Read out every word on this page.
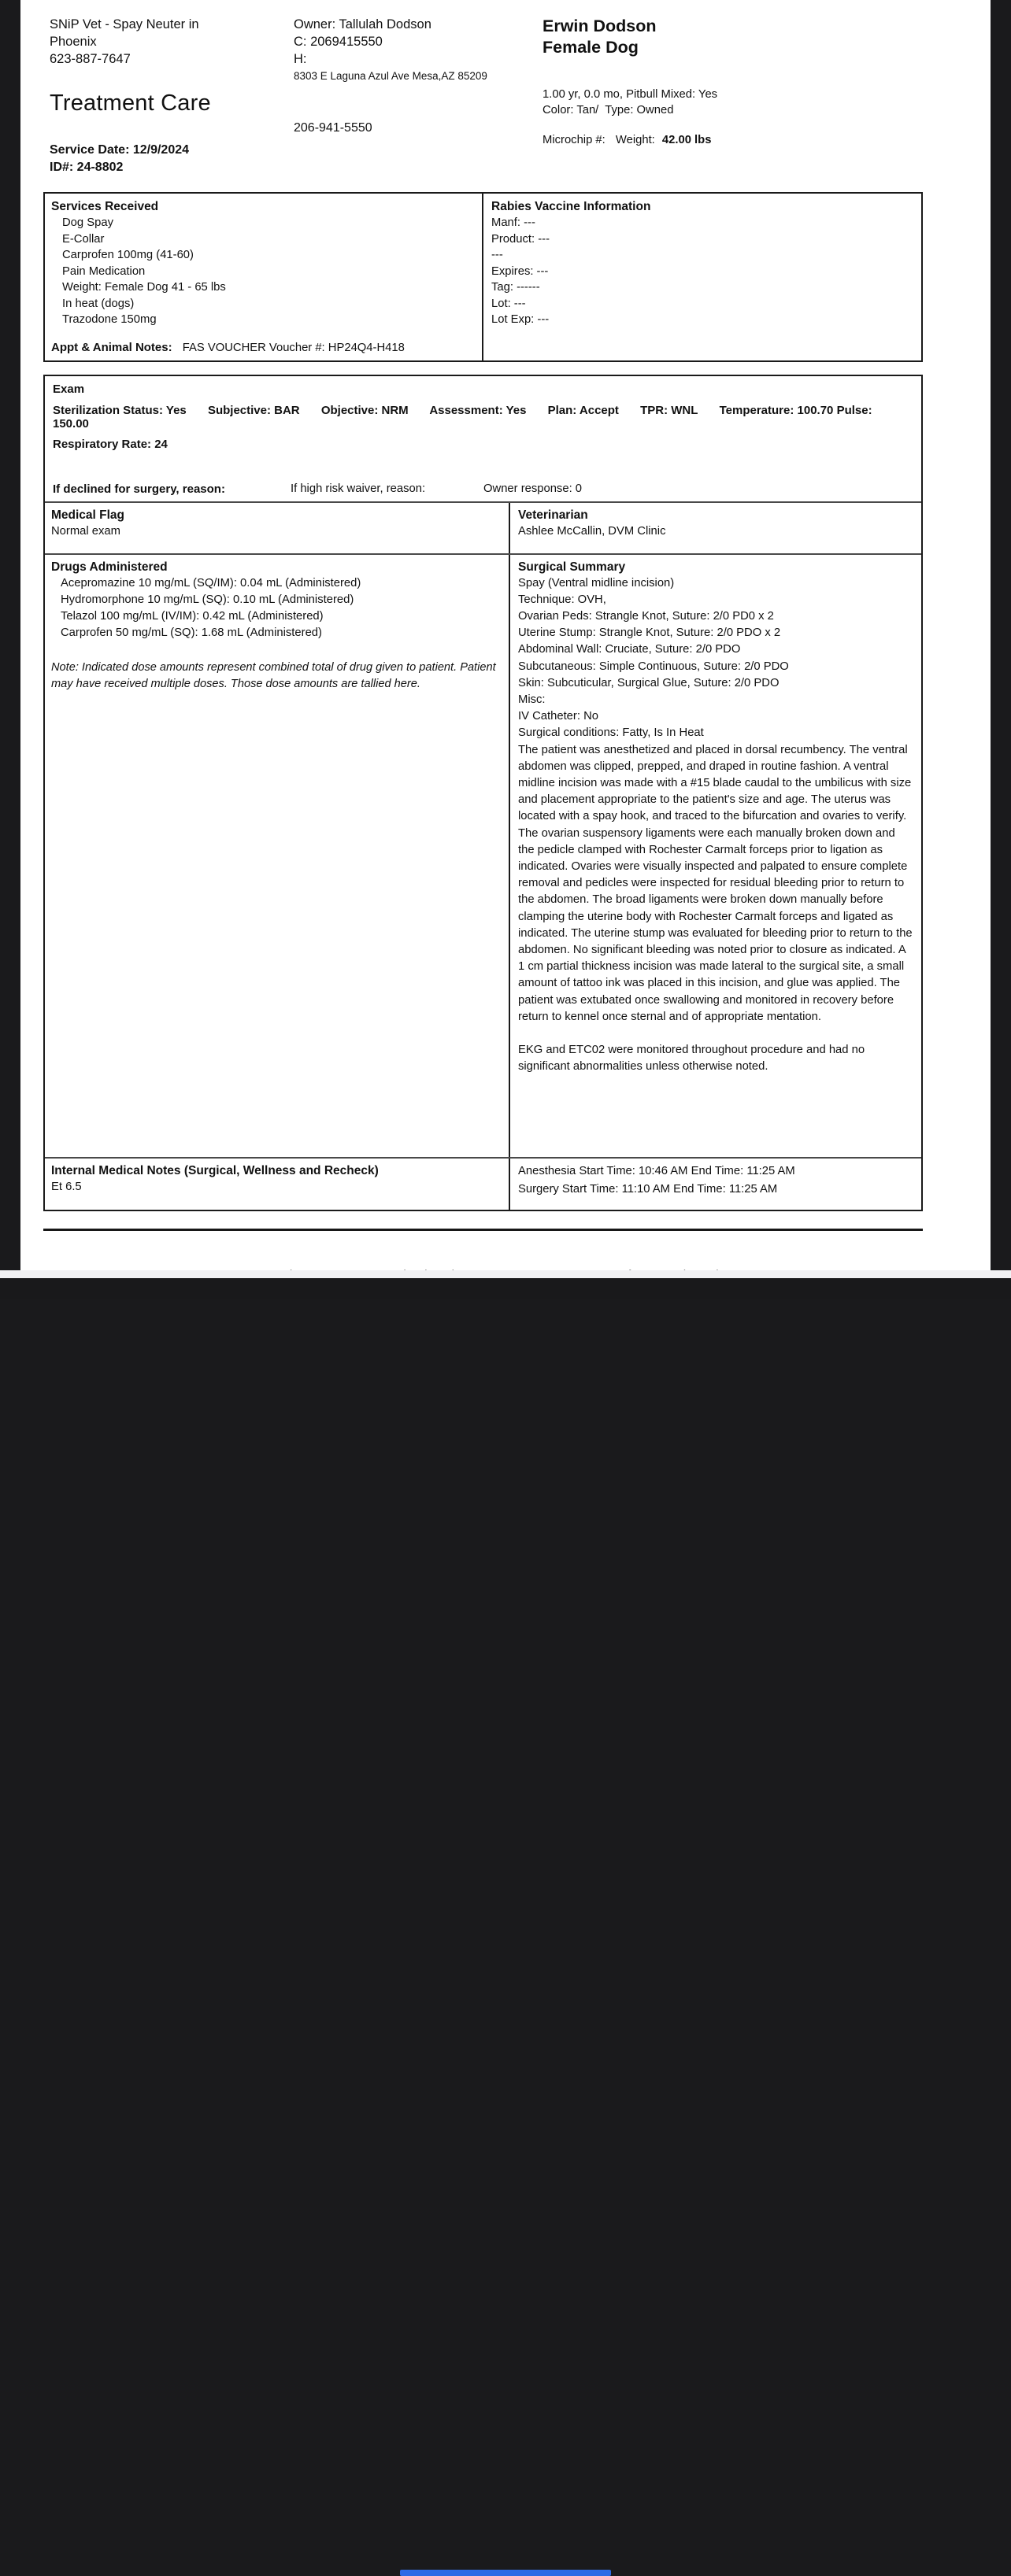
SNiP Vet - Spay Neuter in Phoenix
623-887-7647
Treatment Care
Service Date: 12/9/2024
ID#: 24-8802
Owner: Tallulah Dodson
C: 2069415550
H:
8303 E Laguna Azul Ave Mesa,AZ 85209
206-941-5550
Erwin Dodson
Female Dog
1.00 yr, 0.0 mo, Pitbull Mixed: Yes
Color: Tan/  Type: Owned
Microchip #: Weight: 42.00 lbs
Services Received
Dog Spay
E-Collar
Carprofen 100mg (41-60)
Pain Medication
Weight: Female Dog 41 - 65 lbs
In heat (dogs)
Trazodone 150mg
Appt & Animal Notes: FAS VOUCHER Voucher #: HP24Q4-H418
Rabies Vaccine Information
Manf: ---
Product: ---
---
Expires: ---
Tag: ------
Lot: ---
Lot Exp: ---
Exam
Sterilization Status: Yes Subjective: BAR Objective: NRM Assessment: Yes Plan: Accept TPR: WNL Temperature: 100.70 Pulse: 150.00
Respiratory Rate: 24
If declined for surgery, reason:	If high risk waiver, reason:	Owner response: 0
Medical Flag
Normal exam
Veterinarian
Ashlee McCallin, DVM Clinic
Drugs Administered
Acepromazine 10 mg/mL (SQ/IM): 0.04 mL (Administered)
Hydromorphone 10 mg/mL (SQ): 0.10 mL (Administered)
Telazol 100 mg/mL (IV/IM): 0.42 mL (Administered)
Carprofen 50 mg/mL (SQ): 1.68 mL (Administered)
Note: Indicated dose amounts represent combined total of drug given to patient. Patient may have received multiple doses. Those dose amounts are tallied here.
Surgical Summary
Spay (Ventral midline incision)
Technique: OVH,
Ovarian Peds: Strangle Knot, Suture: 2/0 PD0 x 2
Uterine Stump: Strangle Knot, Suture: 2/0 PDO x 2
Abdominal Wall: Cruciate, Suture: 2/0 PDO
Subcutaneous: Simple Continuous, Suture: 2/0 PDO
Skin: Subcuticular, Surgical Glue, Suture: 2/0 PDO
Misc:
IV Catheter: No
Surgical conditions: Fatty, Is In Heat
The patient was anesthetized and placed in dorsal recumbency. The ventral abdomen was clipped, prepped, and draped in routine fashion. A ventral midline incision was made with a #15 blade caudal to the umbilicus with size and placement appropriate to the patient's size and age. The uterus was located with a spay hook, and traced to the bifurcation and ovaries to verify. The ovarian suspensory ligaments were each manually broken down and the pedicle clamped with Rochester Carmalt forceps prior to ligation as indicated. Ovaries were visually inspected and palpated to ensure complete removal and pedicles were inspected for residual bleeding prior to return to the abdomen. The broad ligaments were broken down manually before clamping the uterine body with Rochester Carmalt forceps and ligated as indicated. The uterine stump was evaluated for bleeding prior to return to the abdomen. No significant bleeding was noted prior to closure as indicated. A 1 cm partial thickness incision was made lateral to the surgical site, a small amount of tattoo ink was placed in this incision, and glue was applied. The patient was extubated once swallowing and monitored in recovery before return to kennel once sternal and of appropriate mentation.
EKG and ETC02 were monitored throughout procedure and had no significant abnormalities unless otherwise noted.
Internal Medical Notes (Surgical, Wellness and Recheck)
Et 6.5
Anesthesia Start Time: 10:46 AM End Time: 11:25 AM
Surgery Start Time: 11:10 AM End Time: 11:25 AM
